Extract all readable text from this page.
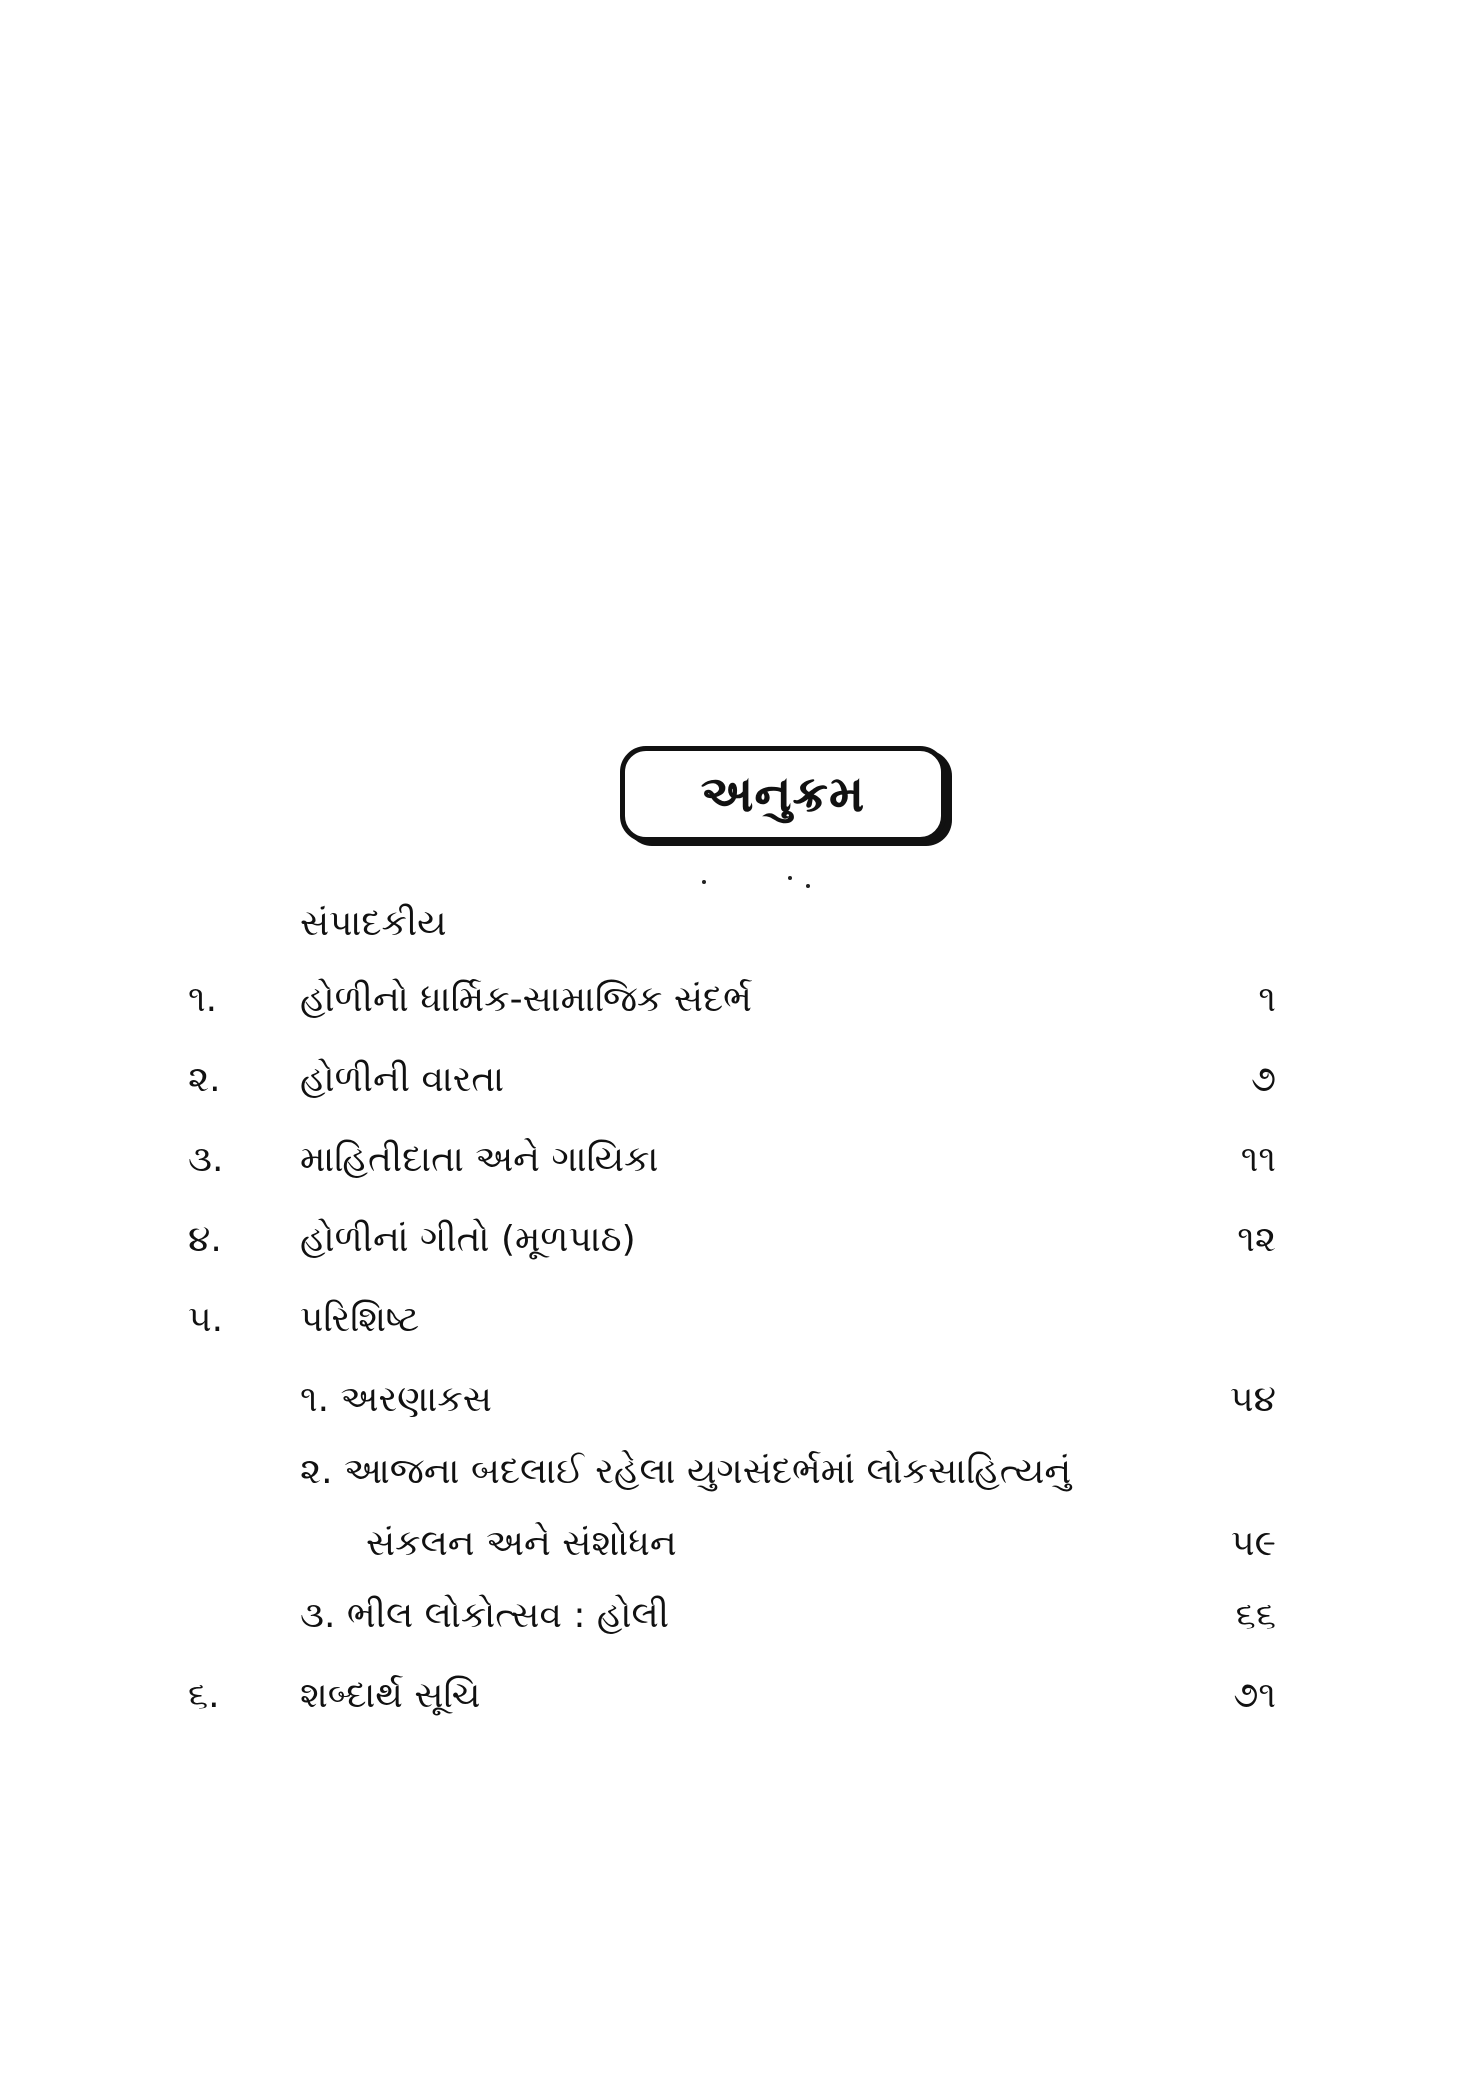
અનુક્રમ
સંપાદકીય
૧.	હોળીનો ધાર્મિક-સામાજિક સંદર્ભ	૧
૨.	હોળીની વારતા	૭
૩.	માહિતીદાતા અને ગાયિકા	૧૧
૪.	હોળીનાં ગીતો (મૂળપાઠ)	૧૨
૫.	પરિશિષ્ટ
૧. અરણાકસ	૫૪
૨. આજના બદલાઈ રહેલા યુગસંદર્ભમાં લોકસાહિત્યનું
સંકલન અને સંશોધન	૫૯
૩. ભીલ લોકોત્સવ : હોલી	૬૬
૬.	શબ્દાર્થ સૂચિ	૭૧
